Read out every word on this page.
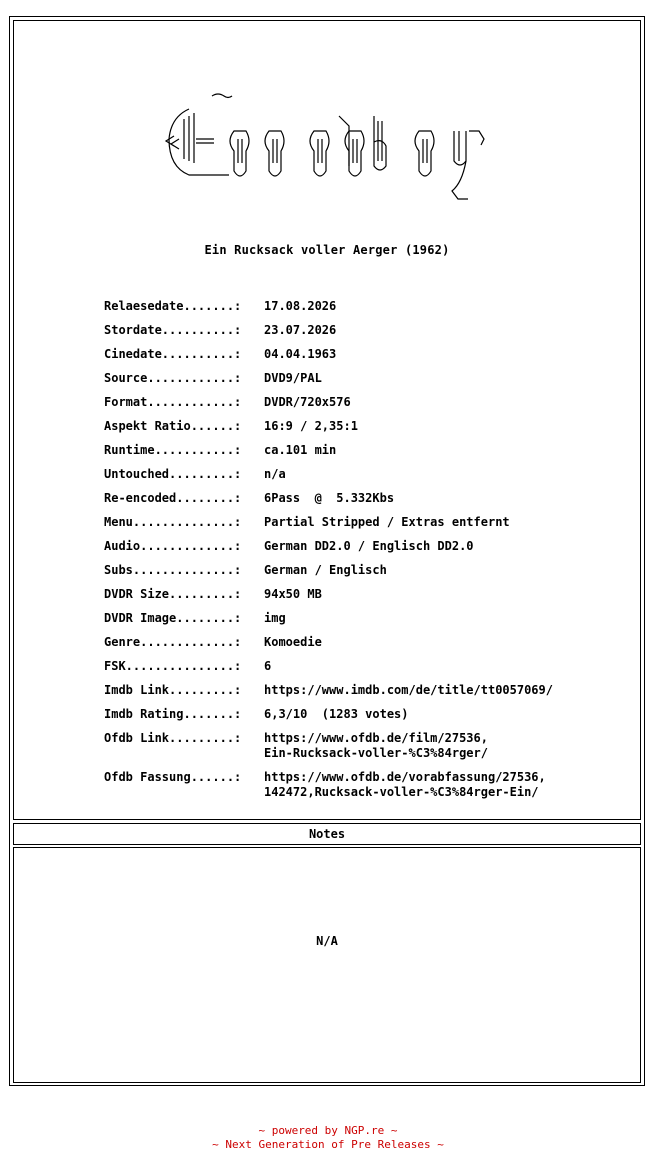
Ein Rucksack voller Aerger (1962)
Relaesedate.......:	17.08.2026
Stordate..........:	23.07.2026
Cinedate..........:	04.04.1963
Source............:	DVD9/PAL
Format............:	DVDR/720x576
Aspekt Ratio......:	16:9 / 2,35:1
Runtime...........:	ca.101 min
Untouched.........:	n/a
Re-encoded........:	6Pass  @  5.332Kbs
Menu..............:	Partial Stripped / Extras entfernt
Audio.............:	German DD2.0 / Englisch DD2.0
Subs..............:	German / Englisch
DVDR Size.........:	94x50 MB
DVDR Image........:	img
Genre.............:	Komoedie
FSK...............:	6
Imdb Link.........:	https://www.imdb.com/de/title/tt0057069/
Imdb Rating.......:	6,3/10  (1283 votes)
Ofdb Link.........:	https://www.ofdb.de/film/27536,
Ein-Rucksack-voller-%C3%84rger/
Ofdb Fassung......:	https://www.ofdb.de/vorabfassung/27536,
142472,Rucksack-voller-%C3%84rger-Ein/
Notes
N/A
~ powered by NGP.re ~
~ Next Generation of Pre Releases ~
